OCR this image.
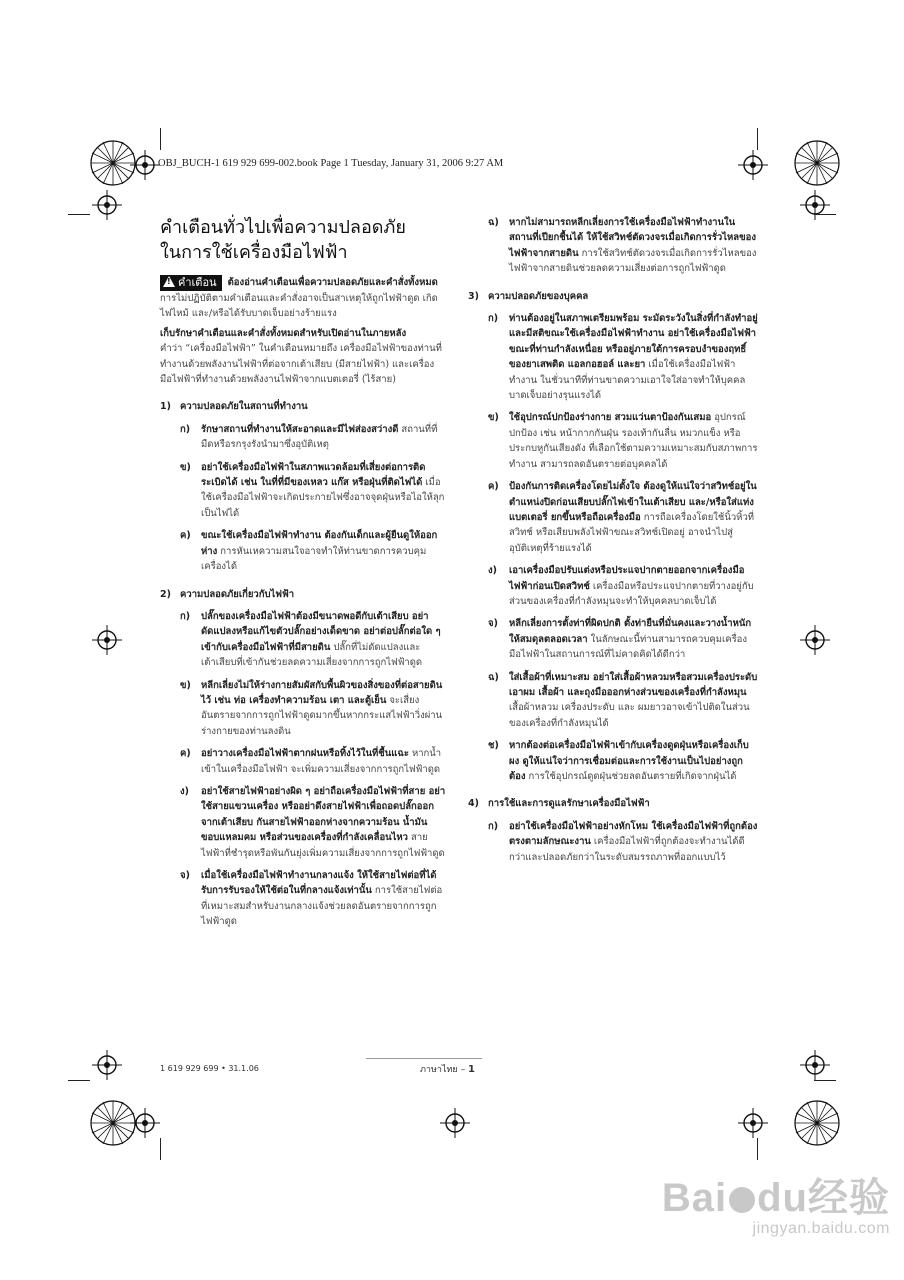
OBJ_BUCH-1 619 929 699-002.book Page 1 Tuesday, January 31, 2006 9:27 AM
คำเตือนทั่วไปเพื่อความปลอดภัย
ในการใช้เครื่องมือไฟฟ้า
!คำเตือน ต้องอ่านคำเตือนเพื่อความปลอดภัยและคำสั่งทั้งหมด การไม่ปฏิบัติตามคำเตือนและคำสั่งอาจเป็นสาเหตุให้ถูกไฟฟ้าดูด เกิดไฟไหม้ และ/หรือได้รับบาดเจ็บอย่างร้ายแรง
เก็บรักษาคำเตือนและคำสั่งทั้งหมดสำหรับเปิดอ่านในภายหลัง
คำว่า “เครื่องมือไฟฟ้า” ในคำเตือนหมายถึง เครื่องมือไฟฟ้าของท่านที่ทำงานด้วยพลังงานไฟฟ้าที่ต่อจากเต้าเสียบ (มีสายไฟฟ้า) และเครื่องมือไฟฟ้าที่ทำงานด้วยพลังงานไฟฟ้าจากแบตเตอรี่ (ไร้สาย)
1) ความปลอดภัยในสถานที่ทำงาน
ก)	รักษาสถานที่ทำงานให้สะอาดและมีไฟส่องสว่างดี สถานที่ที่มืดหรือรกรุงรังนำมาซึ่งอุบัติเหตุ
ข)	อย่าใช้เครื่องมือไฟฟ้าในสภาพแวดล้อมที่เสี่ยงต่อการติดระเบิดได้ เช่น ในที่ที่มีของเหลว แก๊ส หรือฝุ่นที่ติดไฟได้ เมื่อใช้เครื่องมือไฟฟ้าจะเกิดประกายไฟซึ่งอาจจุดฝุ่นหรือไอให้ลุกเป็นไฟได้
ค)	ขณะใช้เครื่องมือไฟฟ้าทำงาน ต้องกันเด็กและผู้ยืนดูให้ออกห่าง การหันเหความสนใจอาจทำให้ท่านขาดการควบคุมเครื่องได้
2) ความปลอดภัยเกี่ยวกับไฟฟ้า
ก)	ปลั๊กของเครื่องมือไฟฟ้าต้องมีขนาดพอดีกับเต้าเสียบ อย่าดัดแปลงหรือแก้ไขตัวปลั๊กอย่างเด็ดขาด อย่าต่อปลั๊กต่อใด ๆ เข้ากับเครื่องมือไฟฟ้าที่มีสายดิน ปลั๊กที่ไม่ดัดแปลงและเต้าเสียบที่เข้ากันช่วยลดความเสี่ยงจากการถูกไฟฟ้าดูด
ข)	หลีกเลี่ยงไม่ให้ร่างกายสัมผัสกับพื้นผิวของสิ่งของที่ต่อสายดินไว้ เช่น ท่อ เครื่องทำความร้อน เตา และตู้เย็น จะเสี่ยงอันตรายจากการถูกไฟฟ้าดูดมากขึ้นหากกระแสไฟฟ้าวิ่งผ่านร่างกายของท่านลงดิน
ค)	อย่าวางเครื่องมือไฟฟ้าตากฝนหรือทิ้งไว้ในที่ชื้นแฉะ หากน้ำเข้าในเครื่องมือไฟฟ้า จะเพิ่มความเสี่ยงจากการถูกไฟฟ้าดูด
ง)	อย่าใช้สายไฟฟ้าอย่างผิด ๆ อย่าถือเครื่องมือไฟฟ้าที่สาย อย่าใช้สายแขวนเครื่อง หรืออย่าดึงสายไฟฟ้าเพื่อถอดปลั๊กออกจากเต้าเสียบ กันสายไฟฟ้าออกห่างจากความร้อน น้ำมัน ขอบแหลมคม หรือส่วนของเครื่องที่กำลังเคลื่อนไหว สายไฟฟ้าที่ชำรุดหรือพันกันยุ่งเพิ่มความเสี่ยงจากการถูกไฟฟ้าดูด
จ)	เมื่อใช้เครื่องมือไฟฟ้าทำงานกลางแจ้ง ให้ใช้สายไฟต่อที่ได้รับการรับรองให้ใช้ต่อในที่กลางแจ้งเท่านั้น การใช้สายไฟต่อที่เหมาะสมสำหรับงานกลางแจ้งช่วยลดอันตรายจากการถูกไฟฟ้าดูด
ฉ)	หากไม่สามารถหลีกเลี่ยงการใช้เครื่องมือไฟฟ้าทำงานในสถานที่เปียกชื้นได้ ให้ใช้สวิทช์ตัดวงจรเมื่อเกิดการรั่วไหลของไฟฟ้าจากสายดิน การใช้สวิทช์ตัดวงจรเมื่อเกิดการรั่วไหลของไฟฟ้าจากสายดินช่วยลดความเสี่ยงต่อการถูกไฟฟ้าดูด
3) ความปลอดภัยของบุคคล
ก)	ท่านต้องอยู่ในสภาพเตรียมพร้อม ระมัดระวังในสิ่งที่กำลังทำอยู่ และมีสติขณะใช้เครื่องมือไฟฟ้าทำงาน อย่าใช้เครื่องมือไฟฟ้าขณะที่ท่านกำลังเหนื่อย หรืออยู่ภายใต้การครอบงำของฤทธิ์ของยาเสพติด แอลกอฮอล์ และยา เมื่อใช้เครื่องมือไฟฟ้าทำงาน ในชั่วนาทีที่ท่านขาดความเอาใจใส่อาจทำให้บุคคลบาดเจ็บอย่างรุนแรงได้
ข)	ใช้อุปกรณ์ปกป้องร่างกาย สวมแว่นตาป้องกันเสมอ อุปกรณ์ปกป้อง เช่น หน้ากากกันฝุ่น รองเท้ากันลื่น หมวกแข็ง หรือประกบหูกันเสียงดัง ที่เลือกใช้ตามความเหมาะสมกับสภาพการทำงาน สามารถลดอันตรายต่อบุคคลได้
ค)	ป้องกันการติดเครื่องโดยไม่ตั้งใจ ต้องดูให้แน่ใจว่าสวิทช์อยู่ในตำแหน่งปิดก่อนเสียบปลั๊กไฟเข้าในเต้าเสียบ และ/หรือใส่แท่งแบตเตอรี่ ยกขึ้นหรือถือเครื่องมือ การถือเครื่องโดยใช้นิ้วหิ้วที่สวิทช์ หรือเสียบพลังไฟฟ้าขณะสวิทช์เปิดอยู่ อาจนำไปสู่อุบัติเหตุที่ร้ายแรงได้
ง)	เอาเครื่องมือปรับแต่งหรือประแจปากตายออกจากเครื่องมือไฟฟ้าก่อนเปิดสวิทช์ เครื่องมือหรือประแจปากตายที่วางอยู่กับส่วนของเครื่องที่กำลังหมุนจะทำให้บุคคลบาดเจ็บได้
จ)	หลีกเลี่ยงการตั้งท่าที่ผิดปกติ ตั้งท่ายืนที่มั่นคงและวางน้ำหนักให้สมดุลตลอดเวลา ในลักษณะนี้ท่านสามารถควบคุมเครื่องมือไฟฟ้าในสถานการณ์ที่ไม่คาดคิดได้ดีกว่า
ฉ)	ใส่เสื้อผ้าที่เหมาะสม อย่าใส่เสื้อผ้าหลวมหรือสวมเครื่องประดับ เอาผม เสื้อผ้า และถุงมือออกห่างส่วนของเครื่องที่กำลังหมุน เสื้อผ้าหลวม เครื่องประดับ และ ผมยาวอาจเข้าไปติดในส่วนของเครื่องที่กำลังหมุนได้
ช)	หากต้องต่อเครื่องมือไฟฟ้าเข้ากับเครื่องดูดฝุ่นหรือเครื่องเก็บผง ดูให้แน่ใจว่าการเชื่อมต่อและการใช้งานเป็นไปอย่างถูกต้อง การใช้อุปกรณ์ดูดฝุ่นช่วยลดอันตรายที่เกิดจากฝุ่นได้
4) การใช้และการดูแลรักษาเครื่องมือไฟฟ้า
ก)	อย่าใช้เครื่องมือไฟฟ้าอย่างหักโหม ใช้เครื่องมือไฟฟ้าที่ถูกต้องตรงตามลักษณะงาน เครื่องมือไฟฟ้าที่ถูกต้องจะทำงานได้ดีกว่าและปลอดภัยกว่าในระดับสมรรถภาพที่ออกแบบไว้
1 619 929 699 • 31.1.06	ภาษาไทย – 1
Bai du经验
jingyan.baidu.com
